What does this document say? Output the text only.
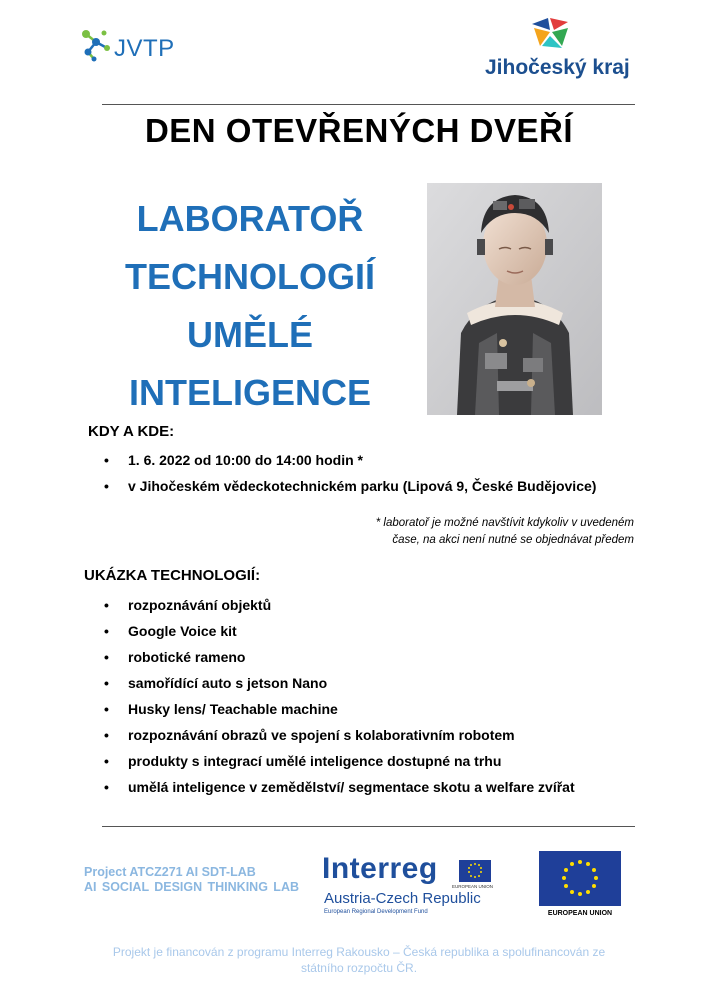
JVTP
Jihočeský kraj
DEN OTEVŘENÝCH DVEŘÍ
LABORATOŘ
TECHNOLOGIÍ
UMĚLÉ
INTELIGENCE
KDY A KDE:
• 1. 6. 2022 od 10:00 do 14:00 hodin *
• v Jihočeském vědeckotechnickém parku (Lipová 9, České Budějovice)
* laboratoř je možné navštívit kdykoliv v uvedeném
čase, na akci není nutné se objednávat předem
UKÁZKA TECHNOLOGIÍ:
• rozpoznávání objektů
• Google Voice kit
• robotické rameno
• samořídící auto s jetson Nano
• Husky lens/ Teachable machine
• rozpoznávání obrazů ve spojení s kolaborativním robotem
• produkty s integrací umělé inteligence dostupné na trhu
• umělá inteligence v zemědělství/ segmentace skotu a welfare zvířat
Project ATCZ271 AI SDT-LAB
AI SOCIAL DESIGN THINKING LAB
Interreg
EUROPEAN UNION
Austria-Czech Republic
European Regional Development Fund	EUROPEAN UNION
Projekt je financován z programu Interreg Rakousko – Česká republika a spolufinancován ze
státního rozpočtu ČR.
